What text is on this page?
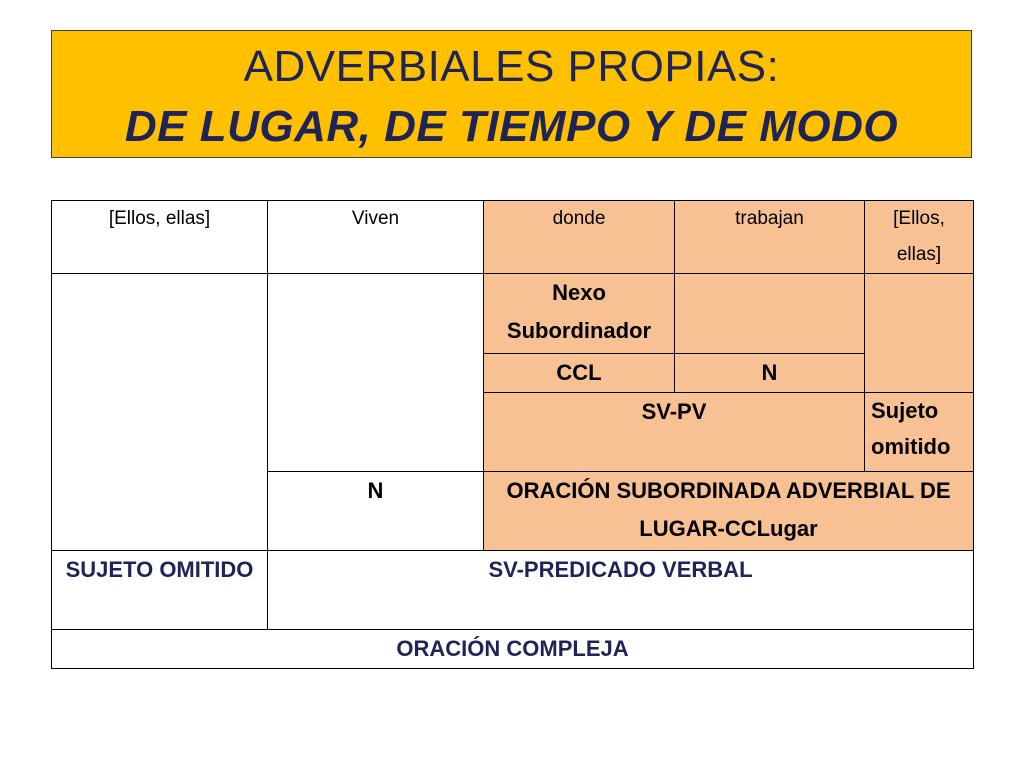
ADVERBIALES PROPIAS:
DE LUGAR, DE TIEMPO Y DE MODO
[Ellos, ellas]	Viven	donde	trabajan	[Ellos, ellas]
		Nexo Subordinador		
		CCL	N	
		SV-PV		Sujeto omitido
	N	ORACIÓN SUBORDINADA ADVERBIAL DE LUGAR-CCLugar		
SUJETO OMITIDO	SV-PREDICADO VERBAL			
ORACIÓN COMPLEJA				
